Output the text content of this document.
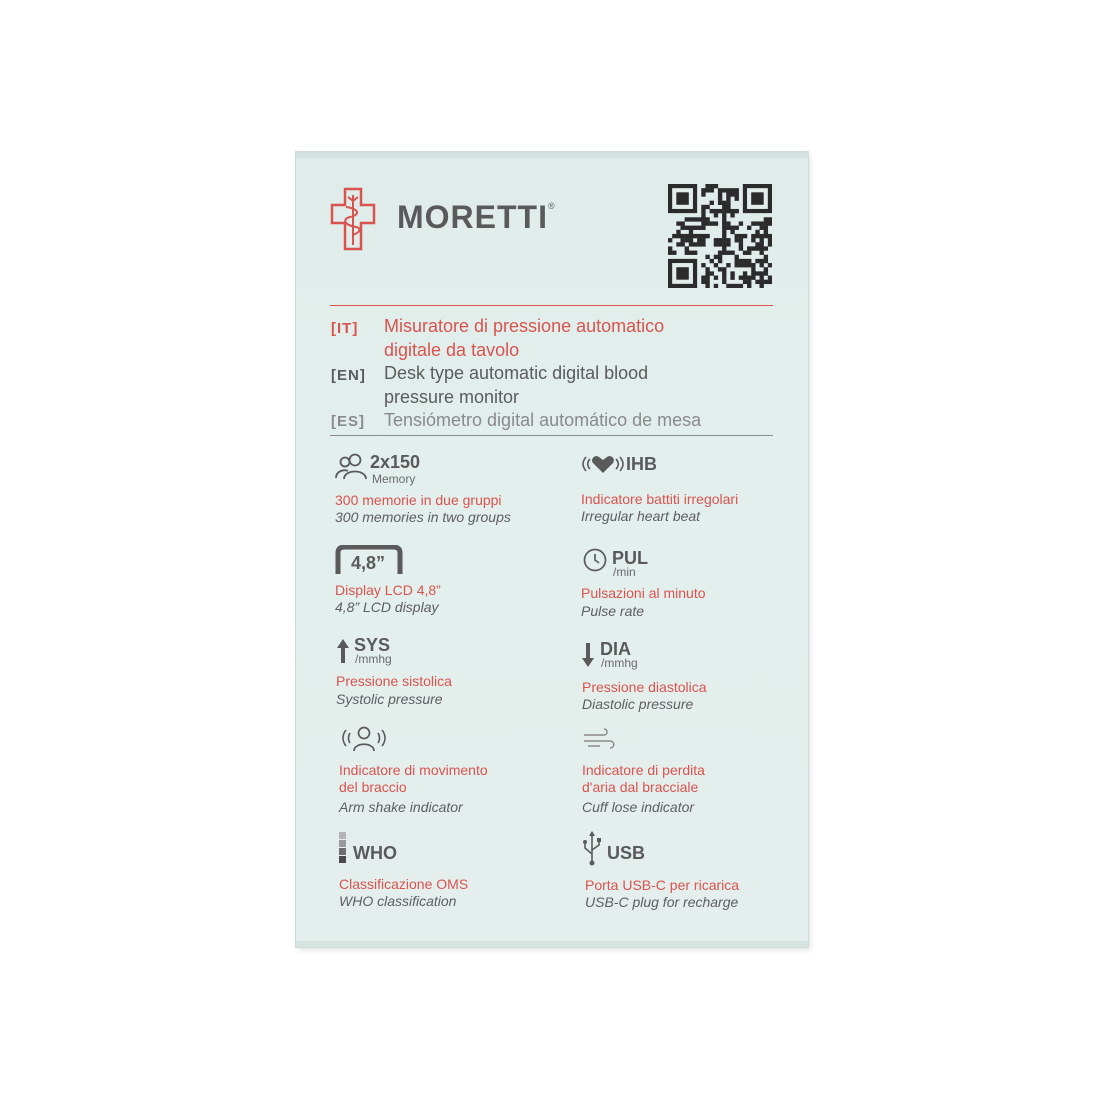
MORETTI®
[IT] Misuratore di pressione automatico
digitale da tavolo
[EN] Desk type automatic digital blood
pressure monitor
[ES] Tensiómetro digital automático de mesa
2x150
Memory
300 memorie in due gruppi
300 memories in two groups
IHB
Indicatore battiti irregolari
Irregular heart beat
4,8”
Display LCD 4,8”
4,8” LCD display
PUL
/min
Pulsazioni al minuto
Pulse rate
SYS
/mmhg
Pressione sistolica
Systolic pressure
DIA
/mmhg
Pressione diastolica
Diastolic pressure
Indicatore di movimento
del braccio
Arm shake indicator
Indicatore di perdita
d'aria dal bracciale
Cuff lose indicator
WHO
Classificazione OMS
WHO classification
USB
Porta USB-C per ricarica
USB-C plug for recharge
